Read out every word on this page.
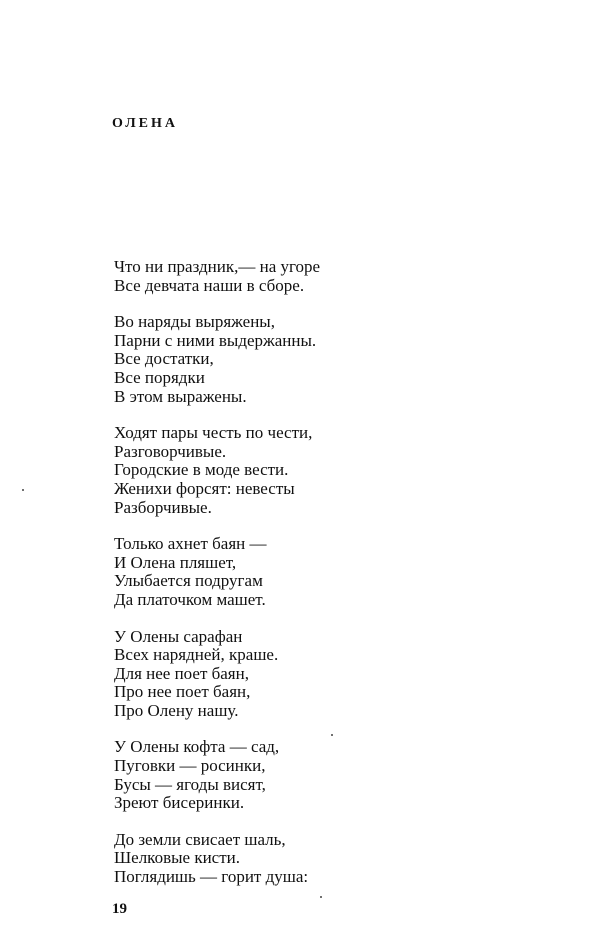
ОЛЕНА
Что ни праздник,— на угоре
Все девчата наши в сборе.
Во наряды выряжены,
Парни с ними выдержанны.
Все достатки,
Все порядки
В этом выражены.
Ходят пары честь по чести,
Разговорчивые.
Городские в моде вести.
Женихи форсят: невесты
Разборчивые.
Только ахнет баян —
И Олена пляшет,
Улыбается подругам
Да платочком машет.
У Олены сарафан
Всех нарядней, краше.
Для нее поет баян,
Про нее поет баян,
Про Олену нашу.
У Олены кофта — сад,
Пуговки — росинки,
Бусы — ягоды висят,
Зреют бисеринки.
До земли свисает шаль,
Шелковые кисти.
Поглядишь — горит душа:
19
